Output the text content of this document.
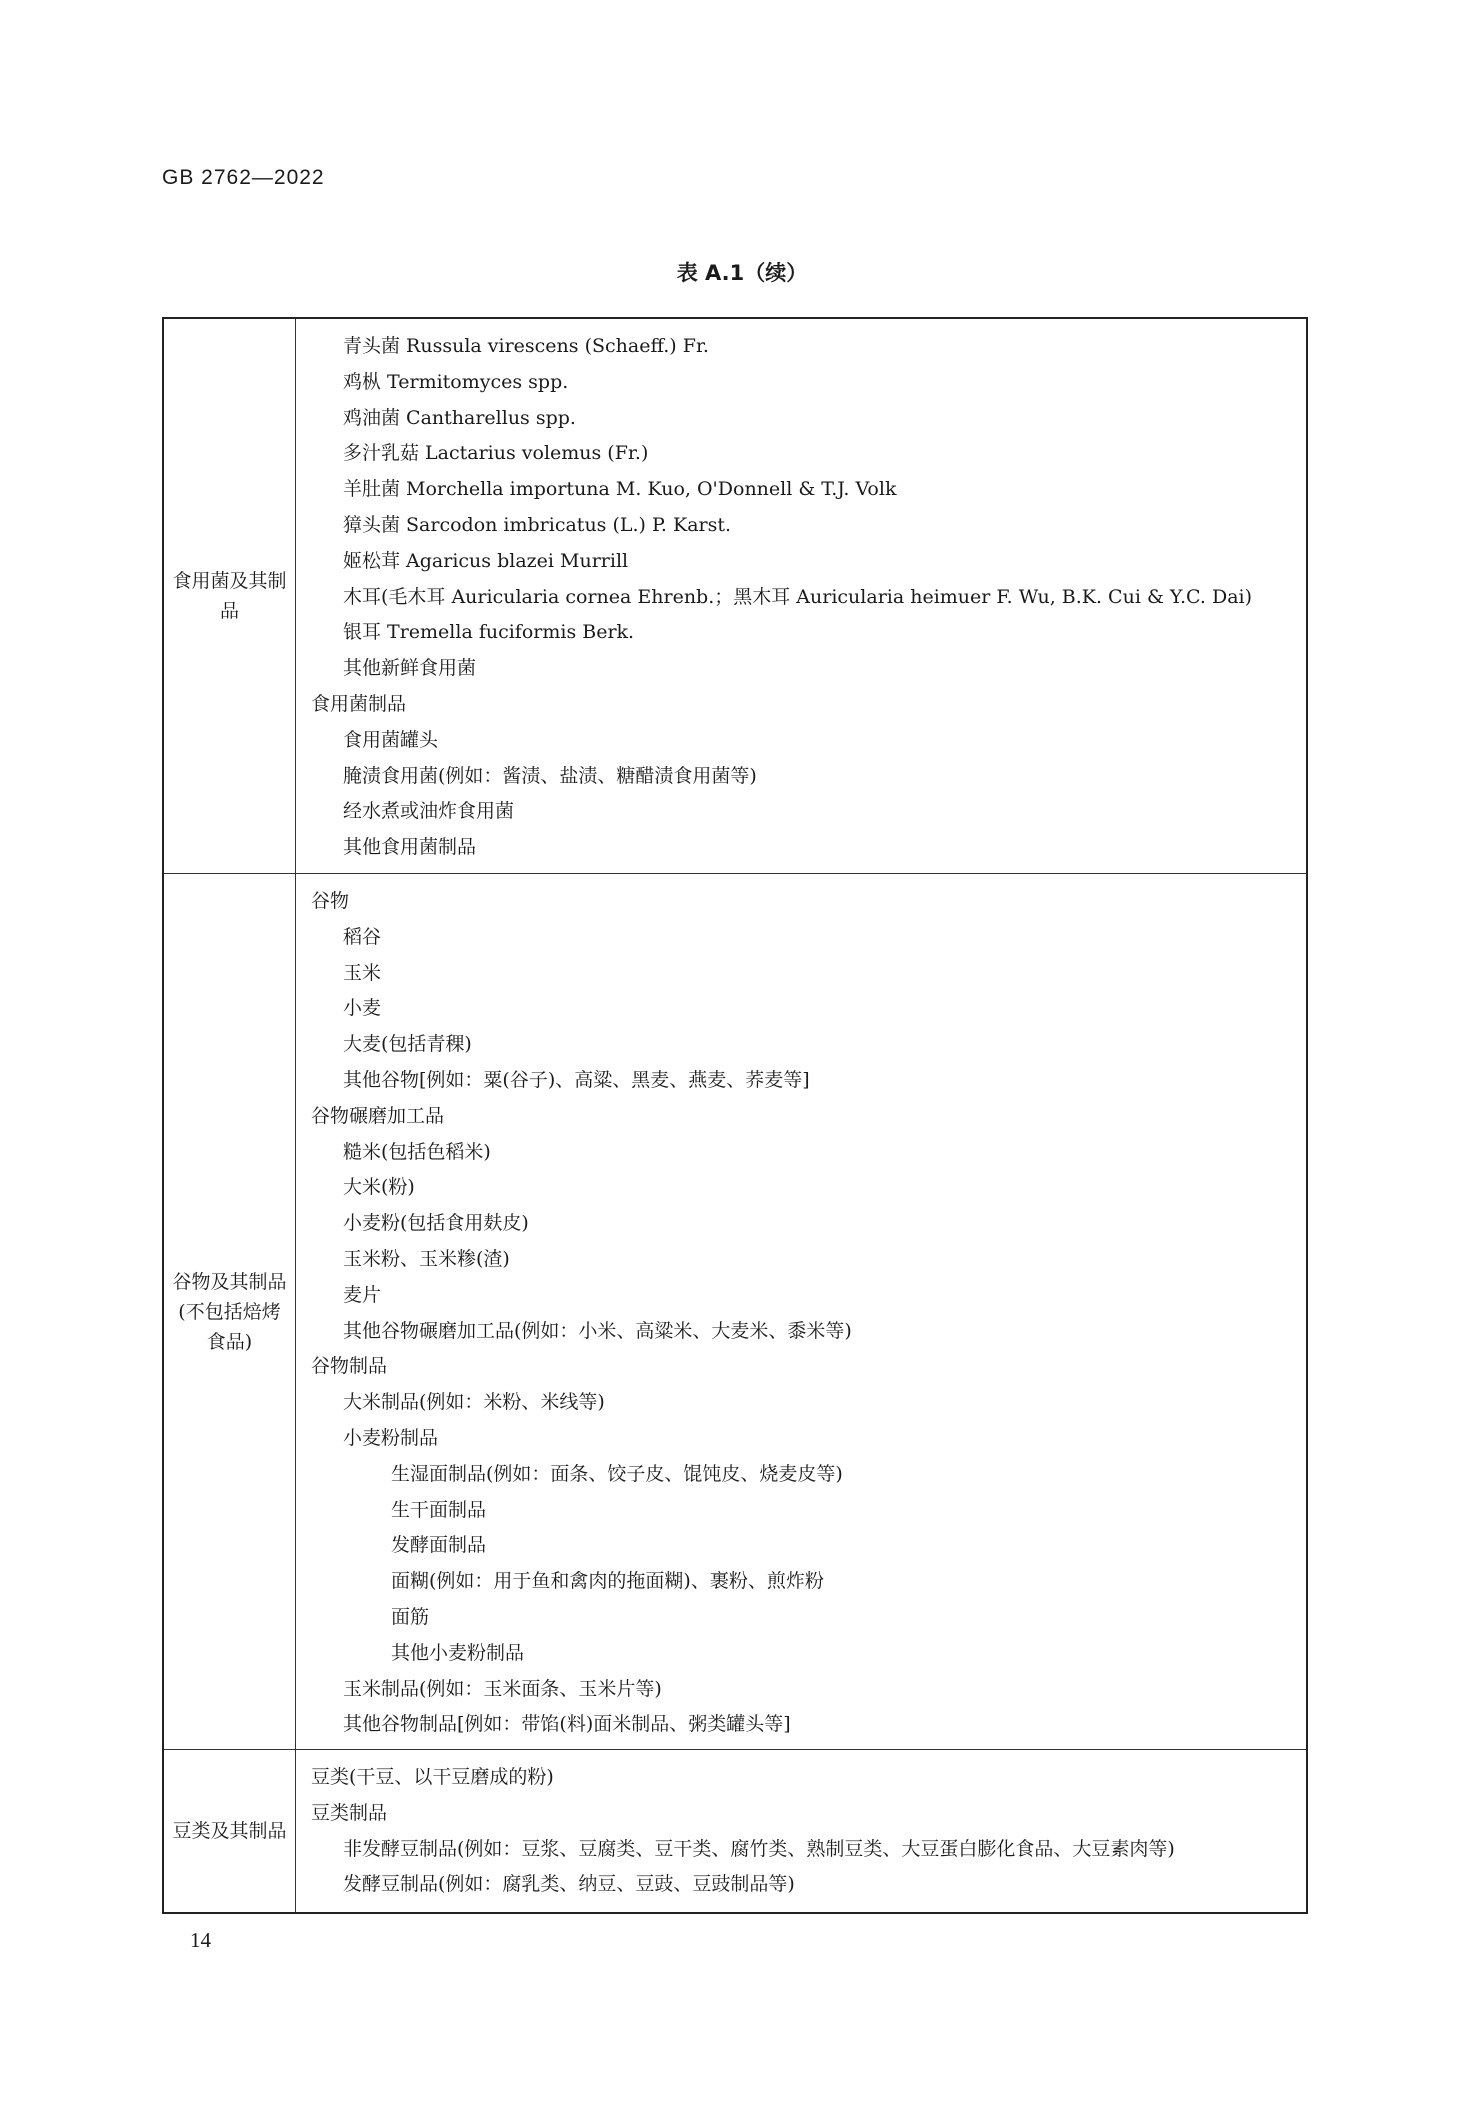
GB 2762—2022
表 A.1（续）
食用菌及其制品
青头菌 Russula virescens (Schaeff.) Fr.
鸡枞 Termitomyces spp.
鸡油菌 Cantharellus spp.
多汁乳菇 Lactarius volemus (Fr.)
羊肚菌 Morchella importuna M. Kuo, O'Donnell & T.J. Volk
獐头菌 Sarcodon imbricatus (L.) P. Karst.
姬松茸 Agaricus blazei Murrill
木耳(毛木耳 Auricularia cornea Ehrenb.；黑木耳 Auricularia heimuer F. Wu, B.K. Cui & Y.C. Dai)
银耳 Tremella fuciformis Berk.
其他新鲜食用菌
食用菌制品
食用菌罐头
腌渍食用菌(例如：酱渍、盐渍、糖醋渍食用菌等)
经水煮或油炸食用菌
其他食用菌制品
谷物及其制品(不包括焙烤食品)
谷物
稻谷
玉米
小麦
大麦(包括青稞)
其他谷物[例如：粟(谷子)、高粱、黑麦、燕麦、荞麦等]
谷物碾磨加工品
糙米(包括色稻米)
大米(粉)
小麦粉(包括食用麸皮)
玉米粉、玉米糁(渣)
麦片
其他谷物碾磨加工品(例如：小米、高粱米、大麦米、黍米等)
谷物制品
大米制品(例如：米粉、米线等)
小麦粉制品
生湿面制品(例如：面条、饺子皮、馄饨皮、烧麦皮等)
生干面制品
发酵面制品
面糊(例如：用于鱼和禽肉的拖面糊)、裹粉、煎炸粉
面筋
其他小麦粉制品
玉米制品(例如：玉米面条、玉米片等)
其他谷物制品[例如：带馅(料)面米制品、粥类罐头等]
豆类及其制品
豆类(干豆、以干豆磨成的粉)
豆类制品
非发酵豆制品(例如：豆浆、豆腐类、豆干类、腐竹类、熟制豆类、大豆蛋白膨化食品、大豆素肉等)
发酵豆制品(例如：腐乳类、纳豆、豆豉、豆豉制品等)
14
